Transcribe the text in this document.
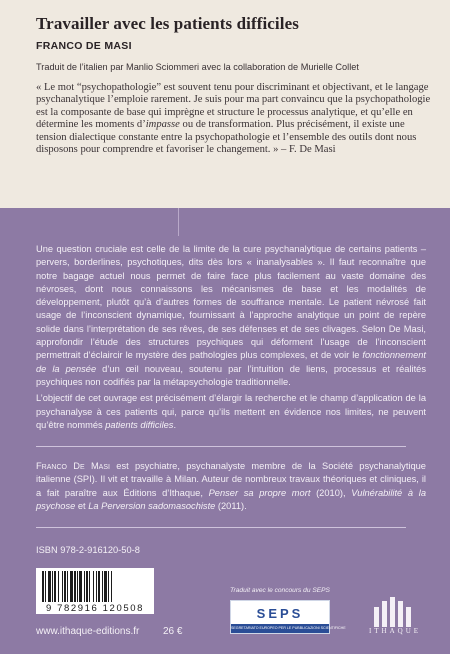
Travailler avec les patients difficiles
FRANCO DE MASI
Traduit de l’italien par Manlio Sciommeri avec la collaboration de Murielle Collet

« Le mot “psychopathologie” est souvent tenu pour discriminant et objectivant, et le langage psychanalytique l’emploie rarement. Je suis pour ma part convaincu que la psychopathologie est la composante de base qui imprègne et structure le processus analytique, et qu’elle en détermine les moments d’impasse ou de transformation. Plus précisément, il existe une tension dialectique constante entre la psychopathologie et l’ensemble des outils dont nous disposons pour comprendre et favoriser le changement. » – F. De Masi

Une question cruciale est celle de la limite de la cure psychanalytique de certains patients – pervers, borderlines, psychotiques, dits dès lors « inanalysables ». Il faut reconnaître que notre bagage actuel nous permet de faire face plus facilement au vaste domaine des névroses, dont nous connaissons les mécanismes de base et les modalités de développement, plutôt qu’à d’autres formes de souffrance mentale. Le patient névrosé fait usage de l’inconscient dynamique, fournissant à l’approche analytique un point de repère solide dans l’interprétation de ses rêves, de ses défenses et de ses clivages. Selon De Masi, approfondir l’étude des structures psychiques qui déforment l’usage de l’inconscient permettrait d’éclaircir le mystère des pathologies plus complexes, et de voir le fonctionnement de la pensée d’un œil nouveau, soutenu par l’intuition de liens, processus et réalités psychiques non codifiés par la métapsychologie traditionnelle.

L’objectif de cet ouvrage est précisément d’élargir la recherche et le champ d’application de la psychanalyse à ces patients qui, parce qu’ils mettent en évidence nos limites, ne peuvent qu’être nommés patients difficiles.

Franco De Masi est psychiatre, psychanalyste membre de la Société psychanalytique italienne (SPI). Il vit et travaille à Milan. Auteur de nombreux travaux théoriques et cliniques, il a fait paraître aux Éditions d’Ithaque, Penser sa propre mort (2010), Vulnérabilité à la psychose et La Perversion sadomasochiste (2011).
ISBN 978-2-916120-50-8
9 782916 120508
www.ithaque-editions.fr 26 €
Traduit avec le concours du SEPS
SEPS
SEGRETARIATO EUROPEO PER LE PUBBLICAZIONI SCIENTIFICHE	ITHAQUE
